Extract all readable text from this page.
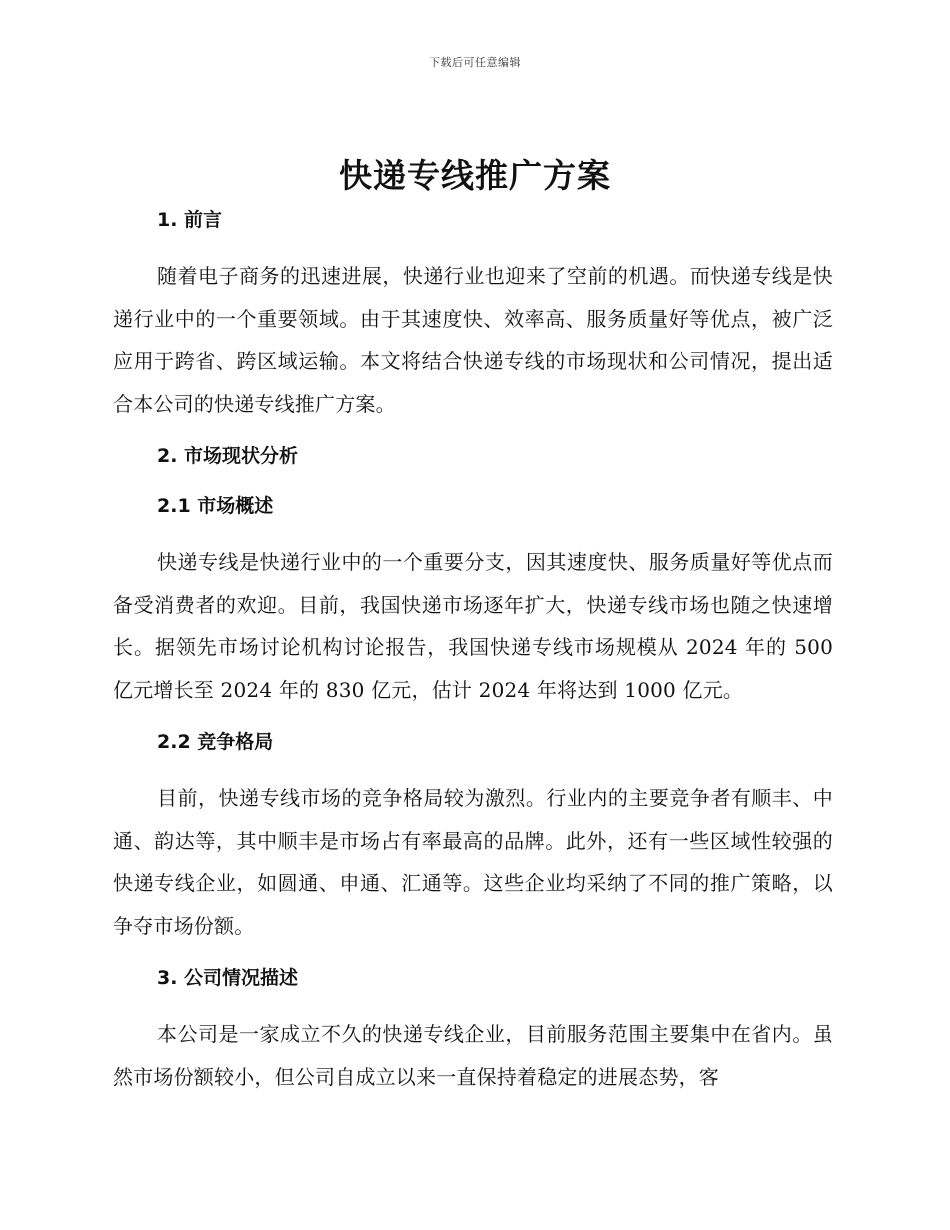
下载后可任意编辑
快递专线推广方案
1. 前言

随着电子商务的迅速进展，快递行业也迎来了空前的机遇。而快递专线是快递行业中的一个重要领域。由于其速度快、效率高、服务质量好等优点，被广泛应用于跨省、跨区域运输。本文将结合快递专线的市场现状和公司情况，提出适合本公司的快递专线推广方案。

2. 市场现状分析
2.1 市场概述

快递专线是快递行业中的一个重要分支，因其速度快、服务质量好等优点而备受消费者的欢迎。目前，我国快递市场逐年扩大，快递专线市场也随之快速增长。据领先市场讨论机构讨论报告，我国快递专线市场规模从 2024 年的 500 亿元增长至 2024 年的 830 亿元，估计 2024 年将达到 1000 亿元。

2.2 竞争格局

目前，快递专线市场的竞争格局较为激烈。行业内的主要竞争者有顺丰、中通、韵达等，其中顺丰是市场占有率最高的品牌。此外，还有一些区域性较强的快递专线企业，如圆通、申通、汇通等。这些企业均采纳了不同的推广策略，以争夺市场份额。

3. 公司情况描述

本公司是一家成立不久的快递专线企业，目前服务范围主要集中在省内。虽然市场份额较小，但公司自成立以来一直保持着稳定的进展态势，客
